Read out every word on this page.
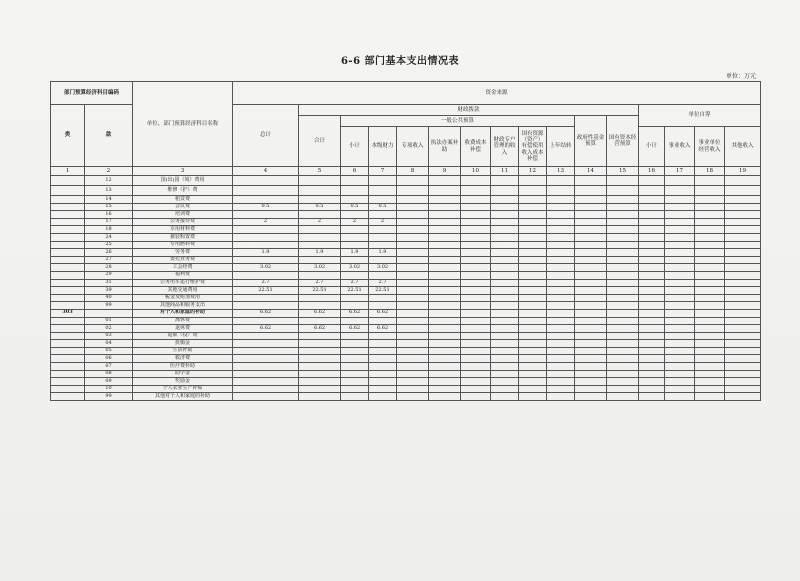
6-6 部门基本支出情况表
单位：万元
部门预算经济科目编码		单位、部门预算经济科目名称	资金来源															
类	款		总计	财政拨款											单位自筹			
				合计	一般公共预算								政府性基金预算	国有资本经营预算				
					小计	本级财力	专项收入	执法办案补助	收费成本补偿	财政专户管理的收入	国有资源（资产）有偿使用收入成本补偿	上年结转			小计	事业收入	事业单位经营收入	其他收入
1	2	3	4	5	6	7	8	9	10	11	12	13	14	15	16	17	18	19
	12	国(出)国（境）费用																
	13	维修（护）费																
	14	租赁费																
	15	会议费	0.5	0.5	0.5	0.5												
	16	培训费																
	17	公务接待费	2	2	2	2												
	18	专用材料费																
	24	被装购置费																
	25	专用燃料费																
	26	劳务费	1.9	1.9	1.9	1.9												
	27	委托业务费																
	28	工会经费	3.02	3.02	3.02	3.02												
	29	福利费																
	31	公务用车运行维护费	2.7	2.7	2.7	2.7												
	39	其他交通费用	22.51	22.51	22.51	22.51												
	40	税金及附加费用																
	99	其他商品和服务支出																
303		对个人和家庭的补助	6.62	6.62	6.62	6.62												
	01	离休费																
	02	退休费	6.62	6.62	6.62	6.62												
	03	退职（役）费																
	04	抚恤金																
	05	生活补助																
	06	救济费																
	07	医疗费补助																
	08	助学金																
	09	奖励金																
	10	个人农业生产补贴																
	99	其他对个人和家庭的补助																
